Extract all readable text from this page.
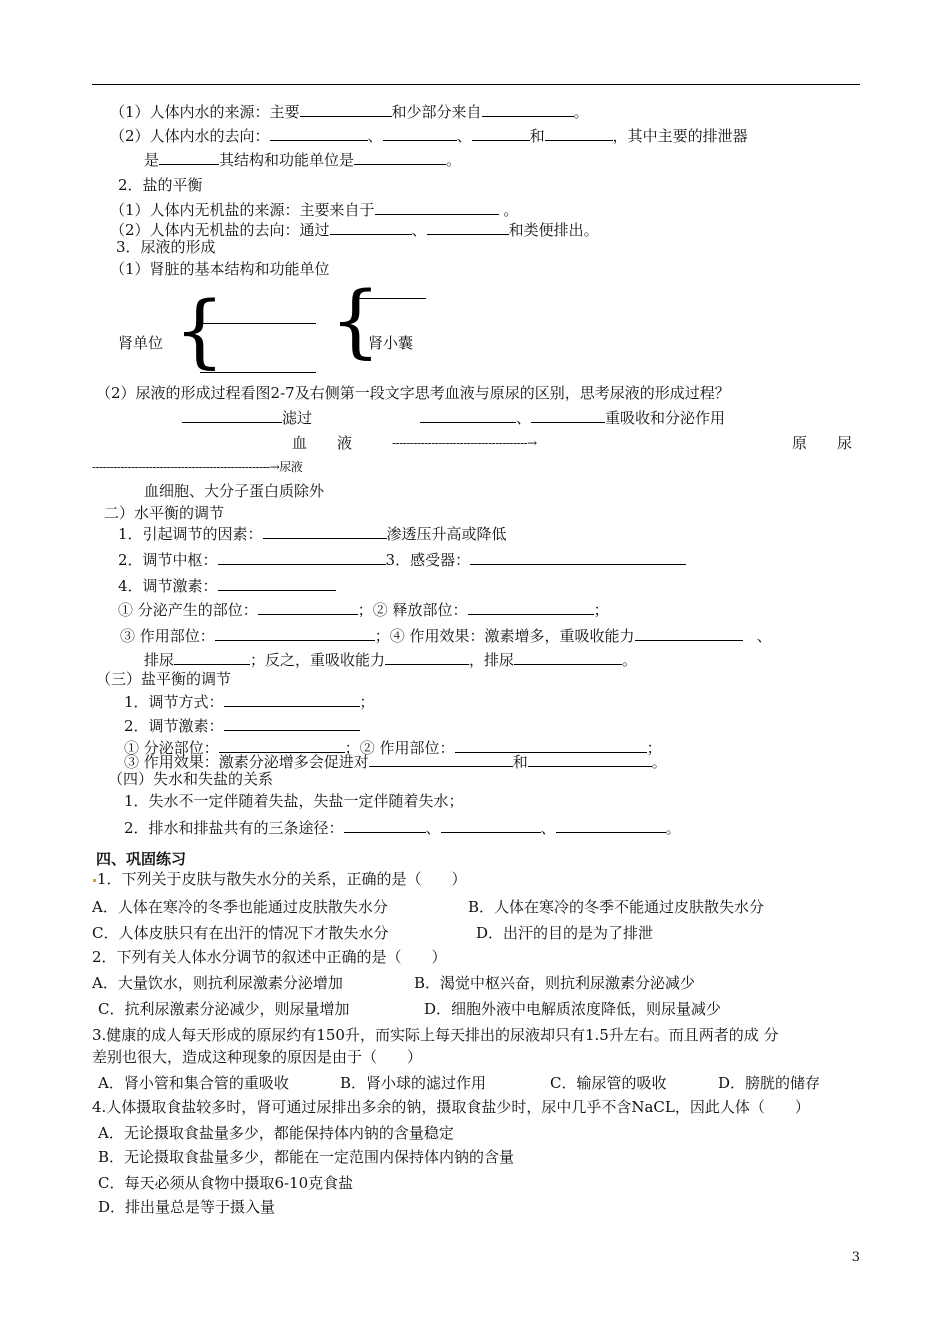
（1）人体内水的来源：主要	和少部分来自	。
（2）人体内水的去向：	、	、	和	，其中主要的排泄器
是	其结构和功能单位是	。
2．盐的平衡
（1）人体内无机盐的来源：主要来自于	。
（2）人体内无机盐的去向：通过	、	和类便排出。
3．尿液的形成
（1）肾脏的基本结构和功能单位
肾单位 { {
肾小囊
（2）尿液的形成过程看图2-7及右侧第一段文字思考血液与原尿的区别，思考尿液的形成过程？
滤过	、	重吸收和分泌作用
血　　液	--------------------------------------→	原　　尿
--------------------------------------------------→尿液
血细胞、大分子蛋白质除外
二）水平衡的调节
1．引起调节的因素：	渗透压升高或降低
2．调节中枢：	3．感受器：
4．调节激素：
① 分泌产生的部位：	；② 释放部位：	；
③ 作用部位：	；④ 作用效果：激素增多，重吸收能力	、
排尿	；反之，重吸收能力	，排尿	。
（三）盐平衡的调节
1．调节方式：	；
2．调节激素：
① 分泌部位：	；② 作用部位：	；
③ 作用效果：激素分泌增多会促进对	和	。
（四）失水和失盐的关系
1．失水不一定伴随着失盐，失盐一定伴随着失水；
2．排水和排盐共有的三条途径：	、	、	。
四、巩固练习
1．下列关于皮肤与散失水分的关系，正确的是（　　）
A．人体在寒冷的冬季也能通过皮肤散失水分	B．人体在寒冷的冬季不能通过皮肤散失水分
C．人体皮肤只有在出汗的情况下才散失水分	D．出汗的目的是为了排泄
2．下列有关人体水分调节的叙述中正确的是（　　）
A．大量饮水，则抗利尿激素分泌增加	B．渴觉中枢兴奋，则抗利尿激素分泌减少
C．抗利尿激素分泌减少，则尿量增加	D．细胞外液中电解质浓度降低，则尿量减少
3.健康的成人每天形成的原尿约有150升，而实际上每天排出的尿液却只有1.5升左右。而且两者的成 分
差别也很大，造成这种现象的原因是由于（　　）
A．肾小管和集合管的重吸收	B．肾小球的滤过作用	C．输尿管的吸收	D．膀胱的储存
4.人体摄取食盐较多时，肾可通过尿排出多余的钠，摄取食盐少时，尿中几乎不含NaCL，因此人体（　　）
A．无论摄取食盐量多少，都能保持体内钠的含量稳定
B．无论摄取食盐量多少，都能在一定范围内保持体内钠的含量
C．每天必须从食物中摄取6-10克食盐
D．排出量总是等于摄入量
3
